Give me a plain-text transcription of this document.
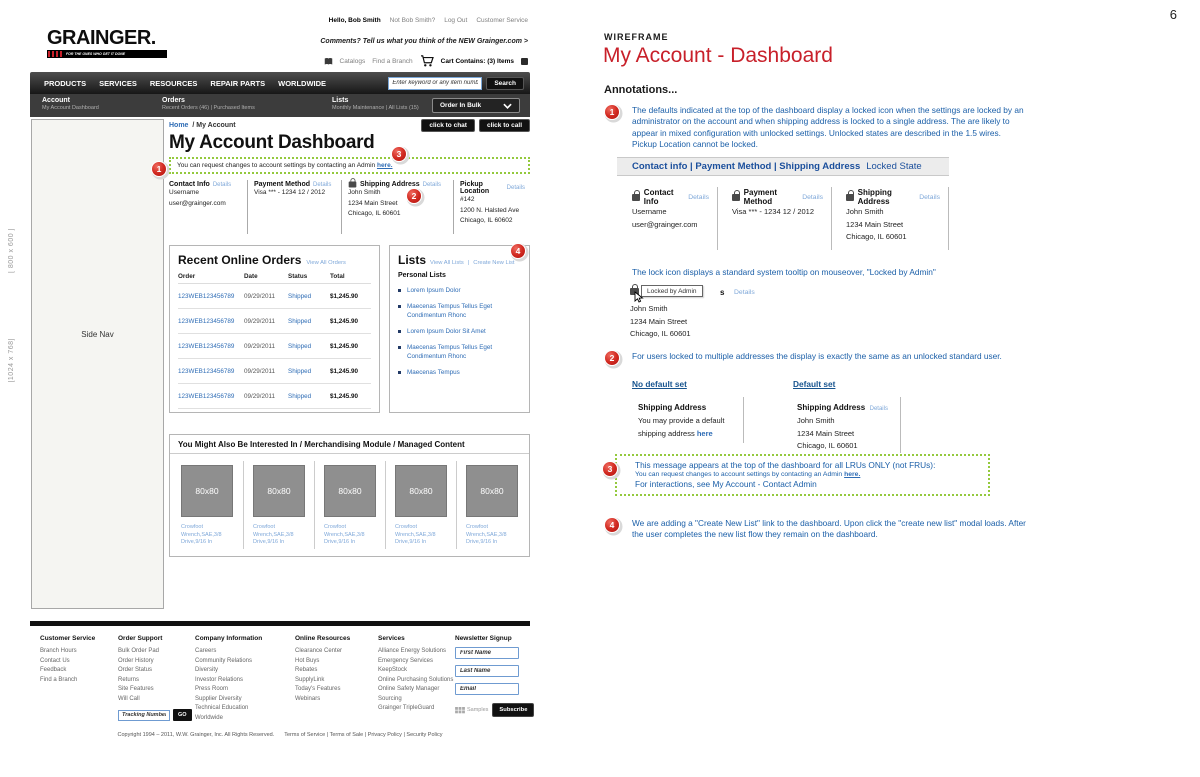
[ 800 x 600 ]
[1024 x 768]
1
2
3
4
GRAINGER.
FOR THE ONES WHO GET IT DONE
Hello, Bob Smith Not Bob Smith? Log Out Customer Service
Comments? Tell us what you think of the NEW Grainger.com >
Catalogs Find a Branch	Cart Contains: (3) Items
PRODUCTS SERVICES RESOURCES REPAIR PARTS WORLDWIDE
Enter keyword or any item number	Search
Account
My Account Dashboard
Orders
Recent Orders (46) | Purchased Items
Lists
Monthly Maintenance | All Lists (15)	Order In Bulk
Side Nav
Home / My Account	click to chat	click to call
My Account Dashboard
You can request changes to account settings by contacting an Admin here.
Contact Info Details
Username
user@grainger.com
Payment Method Details
Visa *** - 1234 12 / 2012
Shipping Address Details
John Smith
1234 Main Street
Chicago, IL 60601
Pickup Location	Details
#142
1200 N. Halsted Ave
Chicago, IL 60602
Recent Online Orders View All Orders
Order	Date	Status	Total
123WEB123456789	09/29/2011	Shipped	$1,245.90
123WEB123456789	09/29/2011	Shipped	$1,245.90
123WEB123456789	09/29/2011	Shipped	$1,245.90
123WEB123456789	09/29/2011	Shipped	$1,245.90
123WEB123456789	09/29/2011	Shipped	$1,245.90
Lists View All Lists | Create New List
Personal Lists
Lorem Ipsum Dolor
Maecenas Tempus Tellus Eget Condimentum Rhonc
Lorem Ipsum Dolor Sit Amet
Maecenas Tempus Tellus Eget Condimentum Rhonc
Maecenas Tempus
You Might Also Be Interested In / Merchandising Module / Managed Content
80x80
Crowfoot Wrench,SAE,3/8 Drive,9/16 In
80x80
Crowfoot Wrench,SAE,3/8 Drive,9/16 In
80x80
Crowfoot Wrench,SAE,3/8 Drive,9/16 In
80x80
Crowfoot Wrench,SAE,3/8 Drive,9/16 In
80x80
Crowfoot Wrench,SAE,3/8 Drive,9/16 In
Customer Service
Branch Hours
Contact Us
Feedback
Find a Branch
Order Support
Bulk Order Pad
Order History
Order Status
Returns
Site Features
Will Call
Tracking Number
GO
Company Information
Careers
Community Relations
Diversity
Investor Relations
Press Room
Supplier Diversity
Technical Education
Worldwide
Online Resources
Clearance Center
Hot Buys
Rebates
SupplyLink
Today's Features
Webinars
Services
Alliance Energy Solutions
Emergency Services
KeepStock
Online Purchasing Solutions
Online Safety Manager
Sourcing
Grainger TripleGuard
Newsletter Signup
First Name Last Name Email
Samples	Subscribe
Copyright 1994 – 2011, W.W. Grainger, Inc. All Rights Reserved. Terms of Service | Terms of Sale | Privacy Policy | Security Policy
6
WIREFRAME
My Account - Dashboard
Annotations...
1	The defaults indicated at the top of the dashboard display a locked icon when the settings are locked by an administrator on the account and when shipping address is locked to a single address. The are likely to appear in mixed configuration with unlocked settings. Unlocked states are described in the 1.5 wires. Pickup Location cannot be locked.
Contact info | Payment Method | Shipping Address Locked State
Contact Info	Details
Username
user@grainger.com
Payment Method	Details
Visa *** - 1234 12 / 2012
Shipping Address	Details
John Smith
1234 Main Street
Chicago, IL 60601
The lock icon displays a standard system tooltip on mouseover, "Locked by Admin"
Locked by Admin	s Details
John Smith
1234 Main Street
Chicago, IL 60601
2	For users locked to multiple addresses the display is exactly the same as an unlocked standard user.
No default set	Default set
Shipping Address
You may provide a default
shipping address here
Shipping Address Details
John Smith
1234 Main Street
Chicago, IL 60601
3	This message appears at the top of the dashboard for all LRUs ONLY (not FRUs):
You can request changes to account settings by contacting an Admin here.
For interactions, see My Account - Contact Admin
4	We are adding a "Create New List" link to the dashboard. Upon click the "create new list" modal loads. After the user completes the new list flow they remain on the dashboard.
